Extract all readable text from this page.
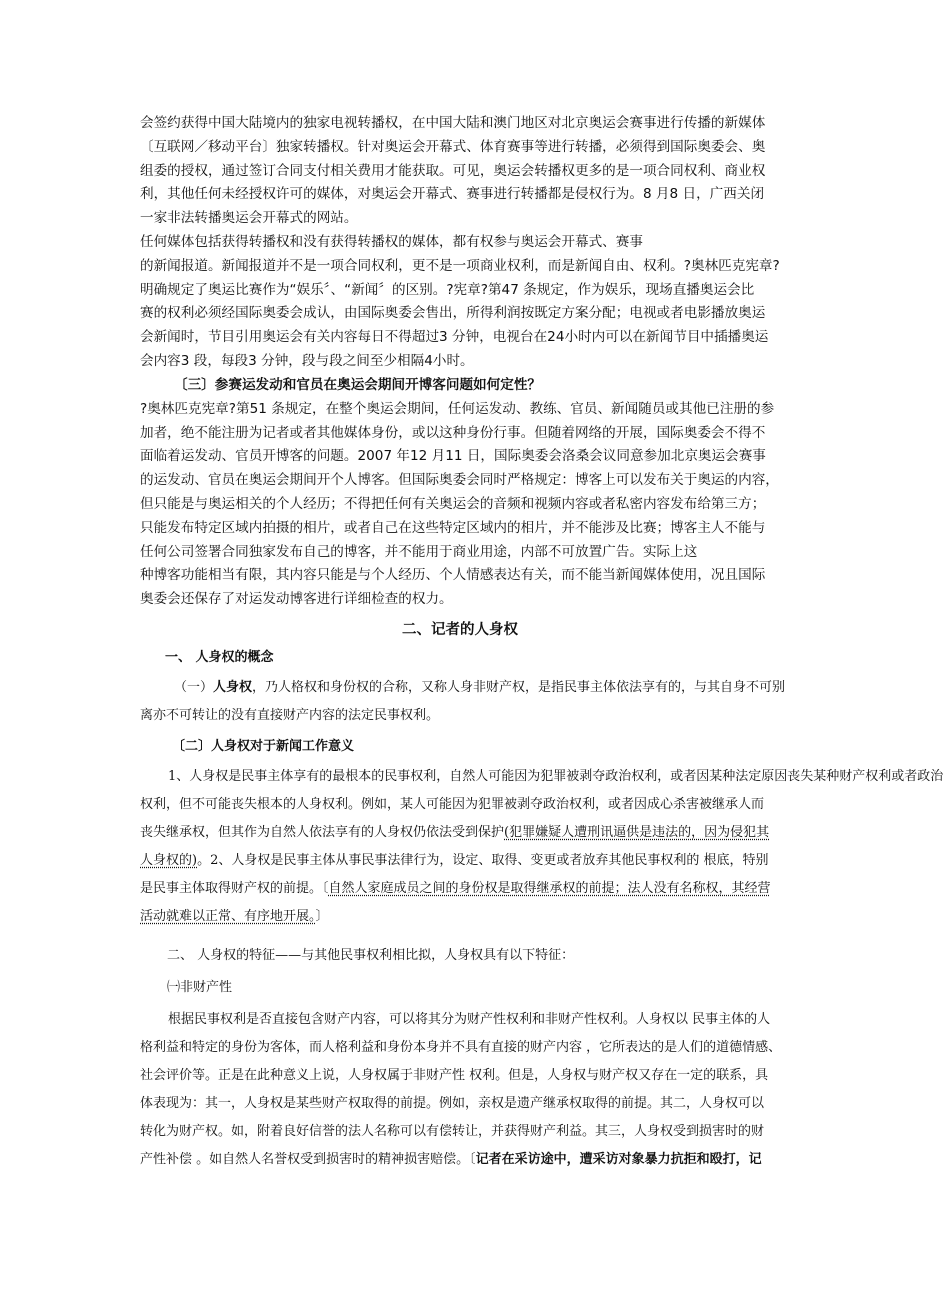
会签约获得中国大陆境内的独家电视转播权，在中国大陆和澳门地区对北京奥运会赛事进行传播的新媒体
〔互联网／移动平台〕独家转播权。针对奥运会开幕式、体育赛事等进行转播，必须得到国际奥委会、奥
组委的授权，通过签订合同支付相关费用才能获取。可见，奥运会转播权更多的是一项合同权利、商业权
利，其他任何未经授权许可的媒体，对奥运会开幕式、赛事进行转播都是侵权行为。8 月8 日，广西关闭
一家非法转播奥运会开幕式的网站。
任何媒体包括获得转播权和没有获得转播权的媒体，都有权参与奥运会开幕式、赛事
的新闻报道。新闻报道并不是一项合同权利，更不是一项商业权利，而是新闻自由、权利。?奥林匹克宪章?
明确规定了奥运比赛作为“娱乐〞、“新闻〞的区别。?宪章?第47 条规定，作为娱乐，现场直播奥运会比
赛的权利必须经国际奥委会成认，由国际奥委会售出，所得利润按既定方案分配；电视或者电影播放奥运
会新闻时，节目引用奥运会有关内容每日不得超过3 分钟，电视台在24小时内可以在新闻节目中插播奥运
会内容3 段，每段3 分钟，段与段之间至少相隔4小时。
〔三〕参赛运发动和官员在奥运会期间开博客问题如何定性？
?奥林匹克宪章?第51 条规定，在整个奥运会期间，任何运发动、教练、官员、新闻随员或其他已注册的参
加者，绝不能注册为记者或者其他媒体身份，或以这种身份行事。但随着网络的开展，国际奥委会不得不
面临着运发动、官员开博客的问题。2007 年12 月11 日，国际奥委会洛桑会议同意参加北京奥运会赛事
的运发动、官员在奥运会期间开个人博客。但国际奥委会同时严格规定：博客上可以发布关于奥运的内容，
但只能是与奥运相关的个人经历；不得把任何有关奥运会的音频和视频内容或者私密内容发布给第三方；
只能发布特定区域内拍摄的相片，或者自己在这些特定区域内的相片，并不能涉及比赛；博客主人不能与
任何公司签署合同独家发布自己的博客，并不能用于商业用途，内部不可放置广告。实际上这
种博客功能相当有限，其内容只能是与个人经历、个人情感表达有关，而不能当新闻媒体使用，况且国际
奥委会还保存了对运发动博客进行详细检查的权力。
二、记者的人身权
一、 人身权的概念
（一）人身权，乃人格权和身份权的合称，又称人身非财产权，是指民事主体依法享有的，与其自身不可别
离亦不可转让的没有直接财产内容的法定民事权利。
〔二〕人身权对于新闻工作意义
1、人身权是民事主体享有的最根本的民事权利，自然人可能因为犯罪被剥夺政治权利，或者因某种法定原因丧失某种财产权利或者政治
权利，但不可能丧失根本的人身权利。例如，某人可能因为犯罪被剥夺政治权利，或者因成心杀害被继承人而
丧失继承权，但其作为自然人依法享有的人身权仍依法受到保护(犯罪嫌疑人遭刑讯逼供是违法的，因为侵犯其
人身权的)。2、人身权是民事主体从事民事法律行为，设定、取得、变更或者放弃其他民事权利的 根底，特别
是民事主体取得财产权的前提。〔自然人家庭成员之间的身份权是取得继承权的前提；法人没有名称权，其经营
活动就难以正常、有序地开展。〕
二、 人身权的特征——与其他民事权利相比拟，人身权具有以下特征：
㈠非财产性
根据民事权利是否直接包含财产内容，可以将其分为财产性权利和非财产性权利。人身权以 民事主体的人
格利益和特定的身份为客体，而人格利益和身份本身并不具有直接的财产内容 ，它所表达的是人们的道德情感、
社会评价等。正是在此种意义上说，人身权属于非财产性 权利。但是，人身权与财产权又存在一定的联系，具
体表现为：其一，人身权是某些财产权取得的前提。例如，亲权是遗产继承权取得的前提。其二，人身权可以
转化为财产权。如，附着良好信誉的法人名称可以有偿转让，并获得财产利益。其三，人身权受到损害时的财
产性补偿 。如自然人名誉权受到损害时的精神损害赔偿。〔记者在采访途中，遭采访对象暴力抗拒和殴打，记
